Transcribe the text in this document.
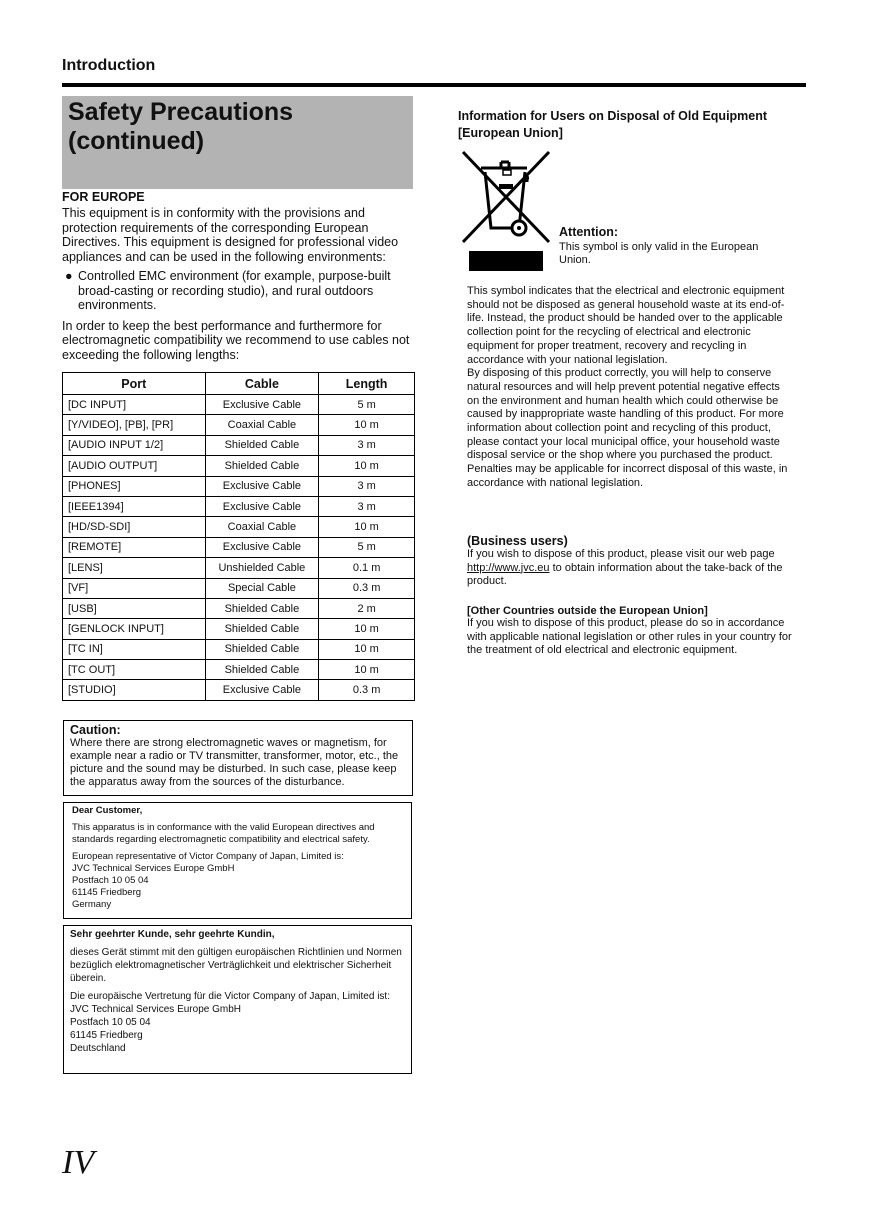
Introduction
Safety Precautions
(continued)
FOR EUROPE
This equipment is in conformity with the provisions and protection requirements of the corresponding European Directives. This equipment is designed for professional video appliances and can be used in the following environments:
● Controlled EMC environment (for example, purpose-built broad-casting or recording studio), and rural outdoors environments.
In order to keep the best performance and furthermore for electromagnetic compatibility we recommend to use cables not exceeding the following lengths:
Port	Cable	Length
[DC INPUT]	Exclusive Cable	5 m
[Y/VIDEO], [PB], [PR]	Coaxial Cable	10 m
[AUDIO INPUT 1/2]	Shielded Cable	3 m
[AUDIO OUTPUT]	Shielded Cable	10 m
[PHONES]	Exclusive Cable	3 m
[IEEE1394]	Exclusive Cable	3 m
[HD/SD-SDI]	Coaxial Cable	10 m
[REMOTE]	Exclusive Cable	5 m
[LENS]	Unshielded Cable	0.1 m
[VF]	Special Cable	0.3 m
[USB]	Shielded Cable	2 m
[GENLOCK INPUT]	Shielded Cable	10 m
[TC IN]	Shielded Cable	10 m
[TC OUT]	Shielded Cable	10 m
[STUDIO]	Exclusive Cable	0.3 m
Caution:
Where there are strong electromagnetic waves or magnetism, for example near a radio or TV transmitter, transformer, motor, etc., the picture and the sound may be disturbed. In such case, please keep the apparatus away from the sources of the disturbance.
Dear Customer,
This apparatus is in conformance with the valid European directives and standards regarding electromagnetic compatibility and electrical safety.
European representative of Victor Company of Japan, Limited is:
JVC Technical Services Europe GmbH
Postfach 10 05 04
61145 Friedberg
Germany
Sehr geehrter Kunde, sehr geehrte Kundin,
dieses Gerät stimmt mit den gültigen europäischen Richtlinien und Normen bezüglich elektromagnetischer Verträglichkeit und elektrischer Sicherheit überein.
Die europäische Vertretung für die Victor Company of Japan, Limited ist:
JVC Technical Services Europe GmbH
Postfach 10 05 04
61145 Friedberg
Deutschland
IV
Information for Users on Disposal of Old Equipment [European Union]
Attention:
This symbol is only valid in the European Union.
This symbol indicates that the electrical and electronic equipment should not be disposed as general household waste at its end-of-life. Instead, the product should be handed over to the applicable collection point for the recycling of electrical and electronic equipment for proper treatment, recovery and recycling in accordance with your national legislation.
By disposing of this product correctly, you will help to conserve natural resources and will help prevent potential negative effects on the environment and human health which could otherwise be caused by inappropriate waste handling of this product. For more information about collection point and recycling of this product, please contact your local municipal office, your household waste disposal service or the shop where you purchased the product. Penalties may be applicable for incorrect disposal of this waste, in accordance with national legislation.
(Business users)
If you wish to dispose of this product, please visit our web page http://www.jvc.eu to obtain information about the take-back of the product.
[Other Countries outside the European Union]
If you wish to dispose of this product, please do so in accordance with applicable national legislation or other rules in your country for the treatment of old electrical and electronic equipment.
